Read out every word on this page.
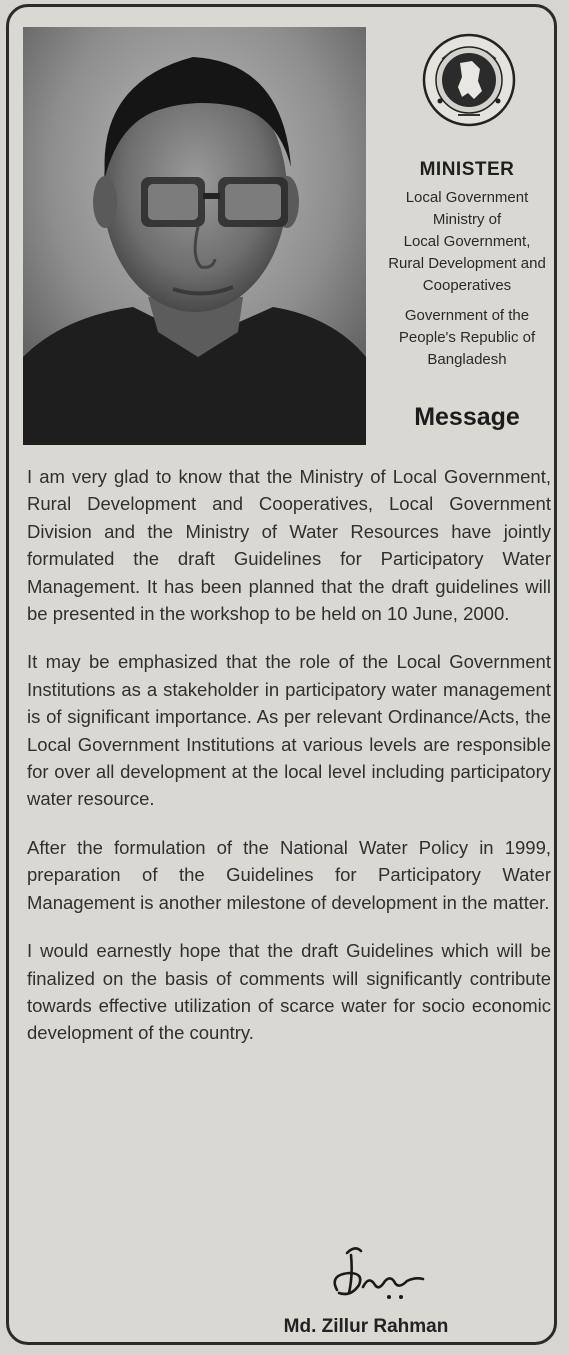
MINISTER
Local Government
Ministry of
Local Government,
Rural Development and
Cooperatives
Government of the
People's Republic of
Bangladesh
Message

I am very glad to know that the Ministry of Local Government, Rural Development and Cooperatives, Local Government Division and the Ministry of Water Resources have jointly formulated the draft Guidelines for Participatory Water Management. It has been planned that the draft guidelines will be presented in the workshop to be held on 10 June, 2000.

It may be emphasized that the role of the Local Government Institutions as a stakeholder in participatory water management is of significant importance. As per relevant Ordinance/Acts, the Local Government Institutions at various levels are responsible for over all development at the local level including participatory water resource.

After the formulation of the National Water Policy in 1999, preparation of the Guidelines for Participatory Water Management is another milestone of development in the matter.

I would earnestly hope that the draft Guidelines which will be finalized on the basis of comments will significantly contribute towards effective utilization of scarce water for socio economic development of the country.

Md. Zillur Rahman
